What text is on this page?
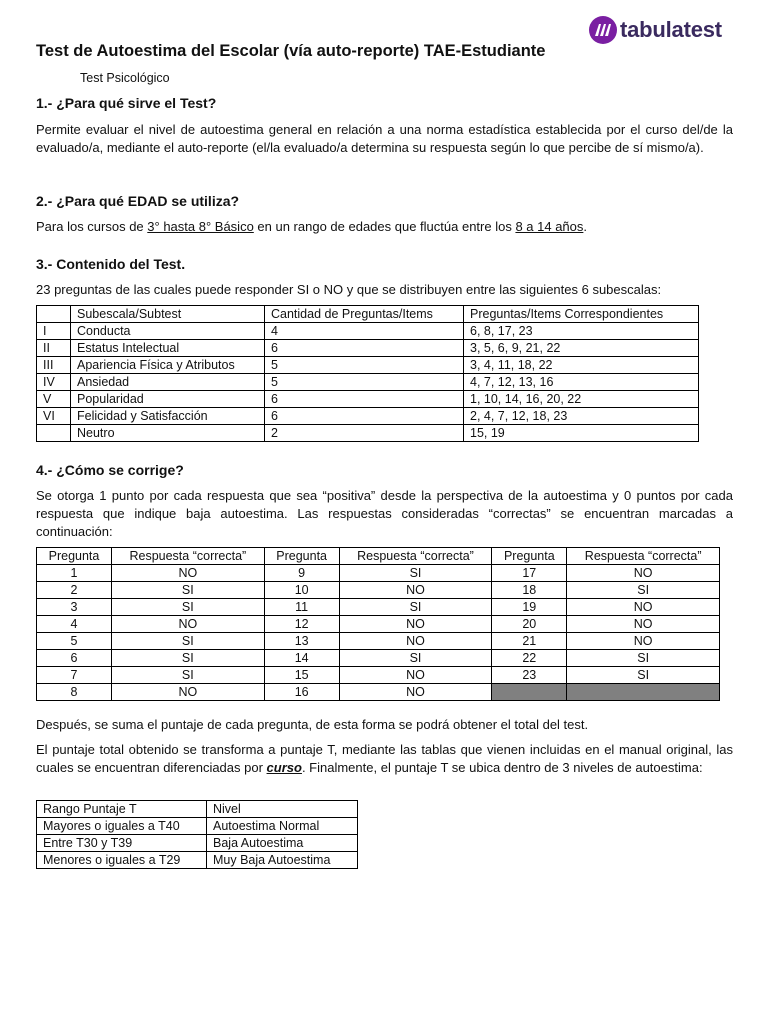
tabulatest
Test de Autoestima del Escolar (vía auto-reporte) TAE-Estudiante
Test Psicológico
1.- ¿Para qué sirve el Test?
Permite evaluar el nivel de autoestima general en relación a una norma estadística establecida por el curso del/de la evaluado/a, mediante el auto-reporte (el/la evaluado/a determina su respuesta según lo que percibe de sí mismo/a).
2.- ¿Para qué EDAD se utiliza?
Para los cursos de 3° hasta 8° Básico en un rango de edades que fluctúa entre los 8 a 14 años.
3.- Contenido del Test.
23 preguntas de las cuales puede responder SI o NO y que se distribuyen entre las siguientes 6 subescalas:
	Subescala/Subtest	Cantidad de Preguntas/Items	Preguntas/Items Correspondientes
I	Conducta	4	6, 8, 17, 23
II	Estatus Intelectual	6	3, 5, 6, 9, 21, 22
III	Apariencia Física y Atributos	5	3, 4, 11, 18, 22
IV	Ansiedad	5	4, 7, 12, 13, 16
V	Popularidad	6	1, 10, 14, 16, 20, 22
VI	Felicidad y Satisfacción	6	2, 4, 7, 12, 18, 23
	Neutro	2	15, 19
4.- ¿Cómo se corrige?
Se otorga 1 punto por cada respuesta que sea “positiva” desde la perspectiva de la autoestima y 0 puntos por cada respuesta que indique baja autoestima. Las respuestas consideradas “correctas” se encuentran marcadas a continuación:
Pregunta	Respuesta “correcta”	Pregunta	Respuesta “correcta”	Pregunta	Respuesta “correcta”
1	NO	9	SI	17	NO
2	SI	10	NO	18	SI
3	SI	11	SI	19	NO
4	NO	12	NO	20	NO
5	SI	13	NO	21	NO
6	SI	14	SI	22	SI
7	SI	15	NO	23	SI
8	NO	16	NO		
Después, se suma el puntaje de cada pregunta, de esta forma se podrá obtener el total del test.
El puntaje total obtenido se transforma a puntaje T, mediante las tablas que vienen incluidas en el manual original, las cuales se encuentran diferenciadas por curso. Finalmente, el puntaje T se ubica dentro de 3 niveles de autoestima:
Rango Puntaje T	Nivel
Mayores o iguales a T40	Autoestima Normal
Entre T30 y T39	Baja Autoestima
Menores o iguales a T29	Muy Baja Autoestima
